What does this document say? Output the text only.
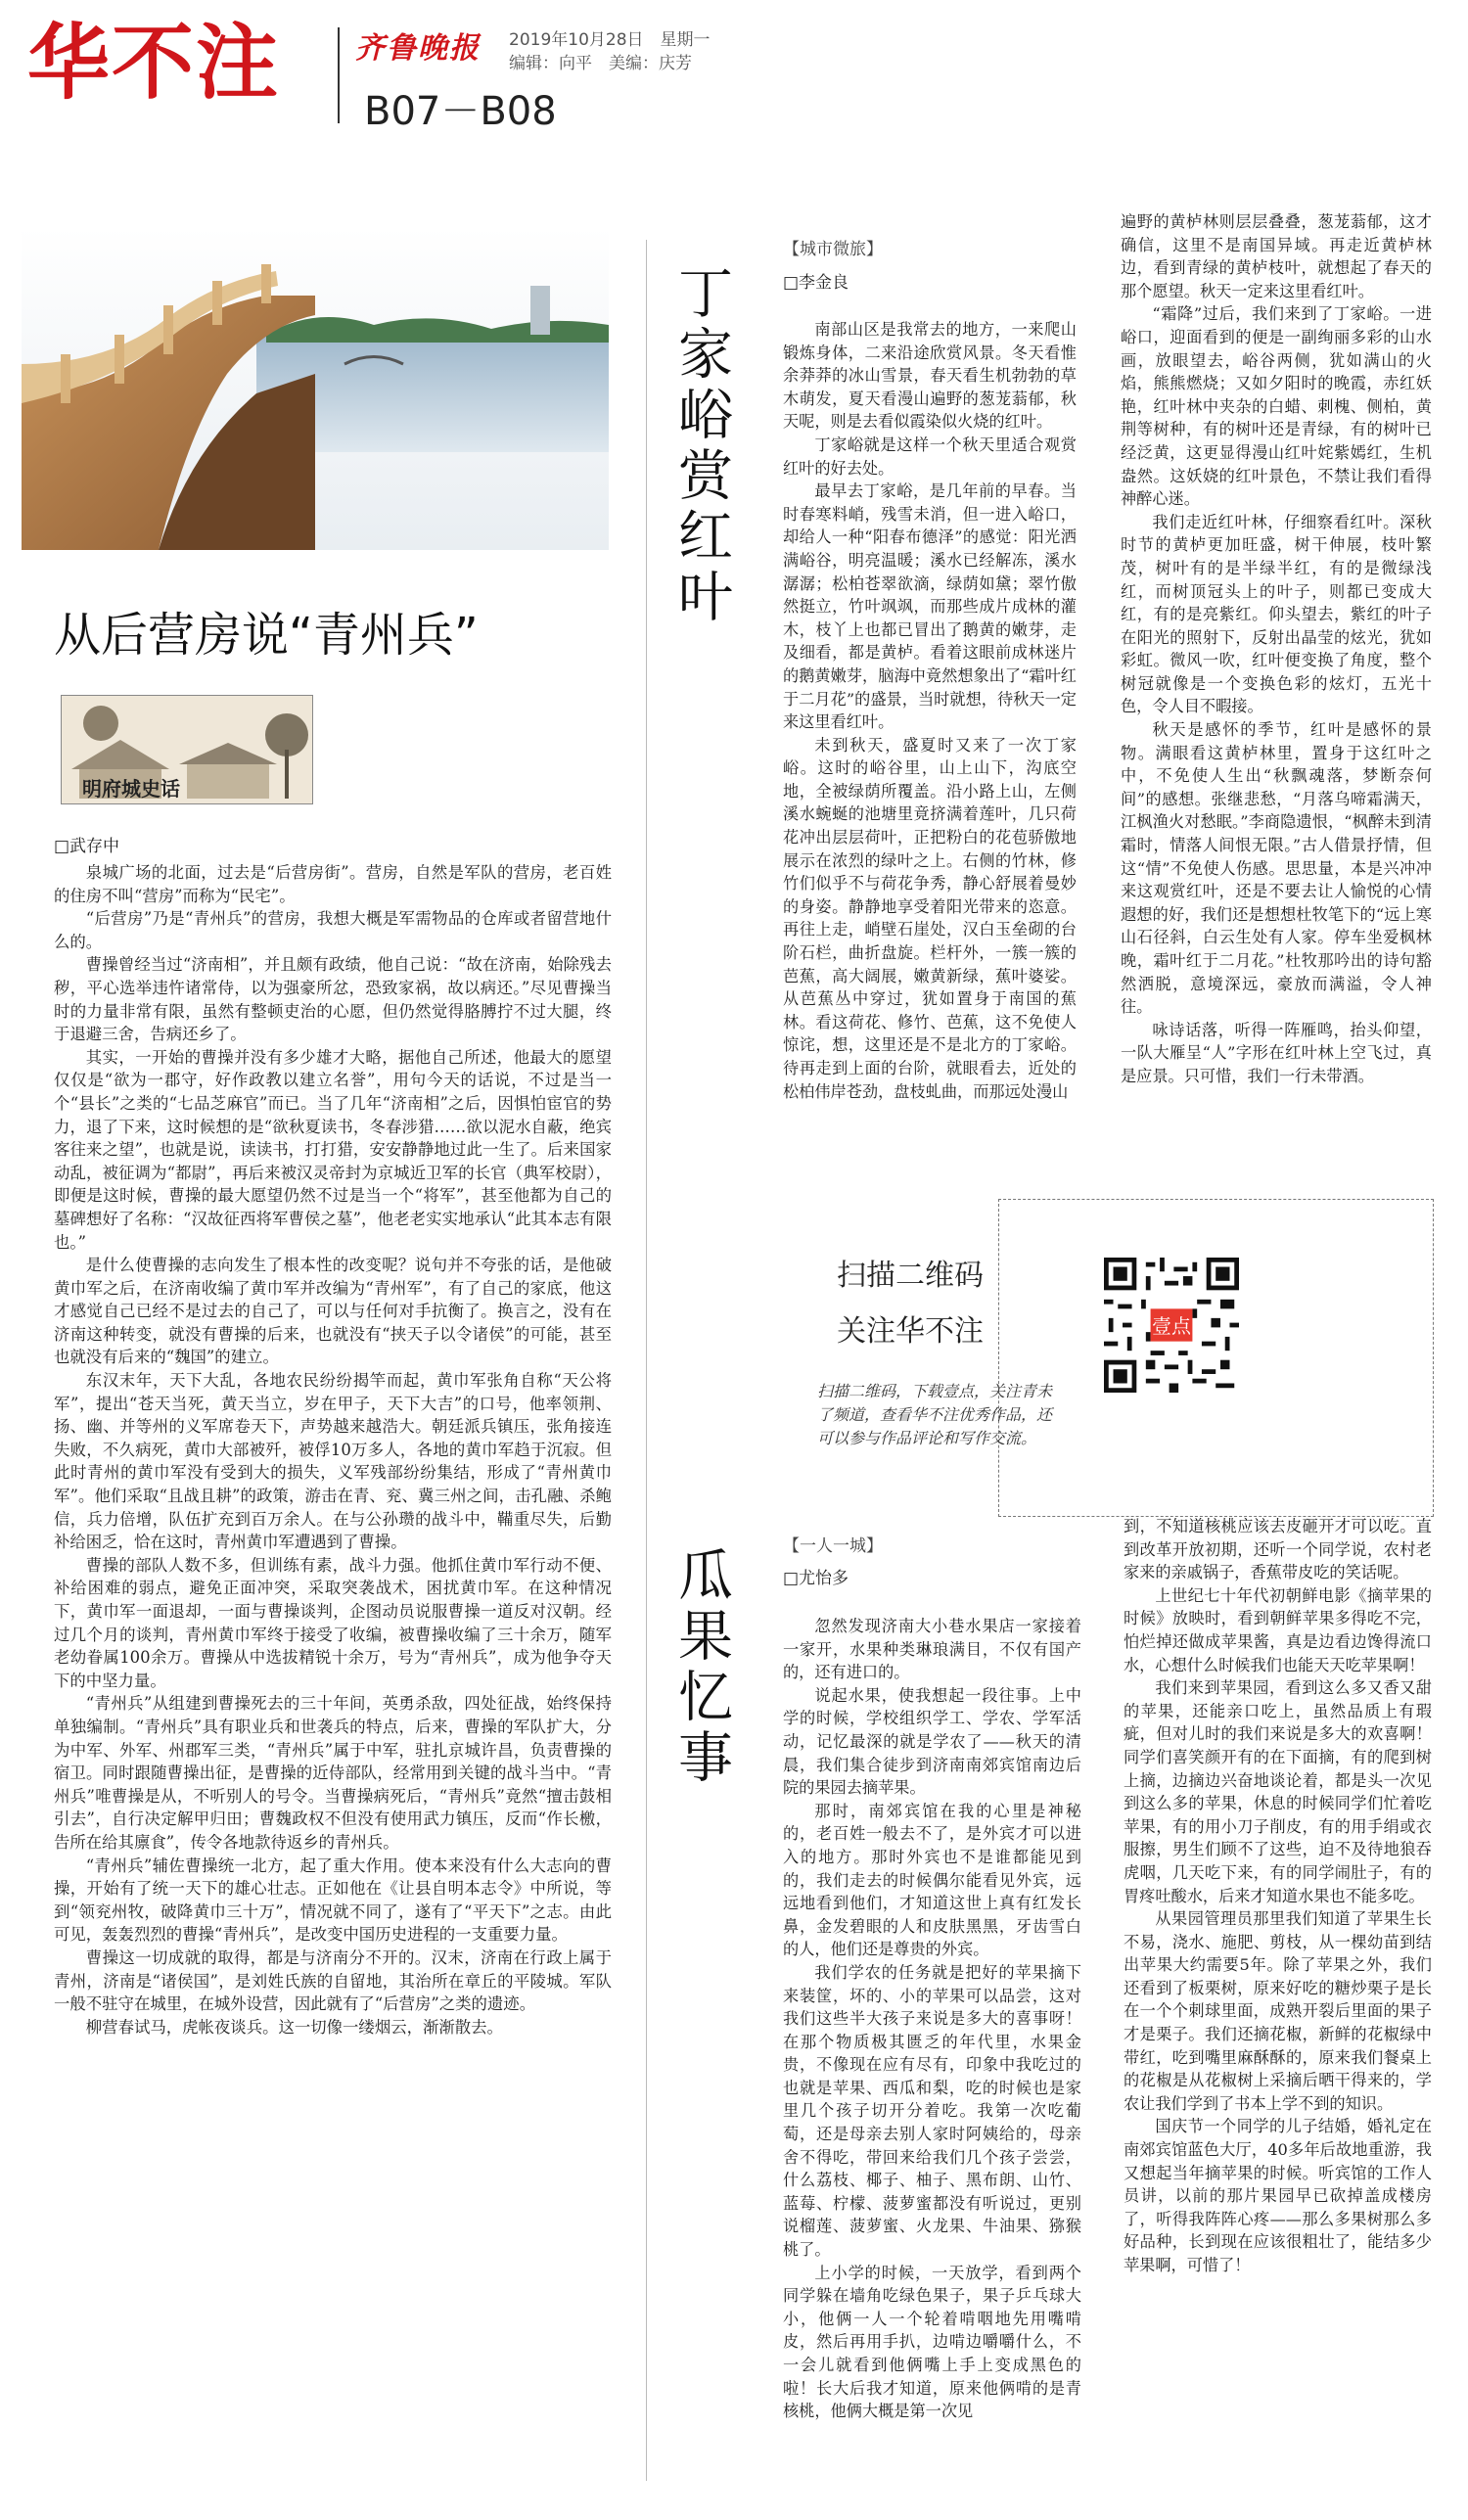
华不注	齐鲁晚报 2019年10月28日　星期一
编辑：向平　美编：庆芳
B07－B08
从后营房说“青州兵”
明府城史话
□武存中

泉城广场的北面，过去是“后营房街”。营房，自然是军队的营房，老百姓的住房不叫“营房”而称为“民宅”。

“后营房”乃是“青州兵”的营房，我想大概是军需物品的仓库或者留营地什么的。

曹操曾经当过“济南相”，并且颇有政绩，他自己说：“故在济南，始除残去秽，平心选举违忤诸常侍，以为强豪所忿，恐致家祸，故以病还。”尽见曹操当时的力量非常有限，虽然有整顿吏治的心愿，但仍然觉得胳膊拧不过大腿，终于退避三舍，告病还乡了。

其实，一开始的曹操并没有多少雄才大略，据他自己所述，他最大的愿望仅仅是“欲为一郡守，好作政教以建立名誉”，用句今天的话说，不过是当一个“县长”之类的“七品芝麻官”而已。当了几年“济南相”之后，因惧怕宦官的势力，退了下来，这时候想的是“欲秋夏读书，冬春涉猎……欲以泥水自蔽，绝宾客往来之望”，也就是说，读读书，打打猎，安安静静地过此一生了。后来国家动乱，被征调为“都尉”，再后来被汉灵帝封为京城近卫军的长官（典军校尉），即便是这时候，曹操的最大愿望仍然不过是当一个“将军”，甚至他都为自己的墓碑想好了名称：“汉故征西将军曹侯之墓”，他老老实实地承认“此其本志有限也。”

是什么使曹操的志向发生了根本性的改变呢？说句并不夸张的话，是他破黄巾军之后，在济南收编了黄巾军并改编为“青州军”，有了自己的家底，他这才感觉自己已经不是过去的自己了，可以与任何对手抗衡了。换言之，没有在济南这种转变，就没有曹操的后来，也就没有“挟天子以令诸侯”的可能，甚至也就没有后来的“魏国”的建立。

东汉末年，天下大乱，各地农民纷纷揭竿而起，黄巾军张角自称“天公将军”，提出“苍天当死，黄天当立，岁在甲子，天下大吉”的口号，他率领荆、扬、幽、并等州的义军席卷天下，声势越来越浩大。朝廷派兵镇压，张角接连失败，不久病死，黄巾大部被歼，被俘10万多人，各地的黄巾军趋于沉寂。但此时青州的黄巾军没有受到大的损失，义军残部纷纷集结，形成了“青州黄巾军”。他们采取“且战且耕”的政策，游击在青、兖、冀三州之间，击孔融、杀鲍信，兵力倍增，队伍扩充到百万余人。在与公孙瓒的战斗中，鞴重尽失，后勤补给困乏，恰在这时，青州黄巾军遭遇到了曹操。

曹操的部队人数不多，但训练有素，战斗力强。他抓住黄巾军行动不便、补给困难的弱点，避免正面冲突，采取突袭战术，困扰黄巾军。在这种情况下，黄巾军一面退却，一面与曹操谈判，企图动员说服曹操一道反对汉朝。经过几个月的谈判，青州黄巾军终于接受了收编，被曹操收编了三十余万，随军老幼眷属100余万。曹操从中选拔精锐十余万，号为“青州兵”，成为他争夺天下的中坚力量。

“青州兵”从组建到曹操死去的三十年间，英勇杀敌，四处征战，始终保持单独编制。“青州兵”具有职业兵和世袭兵的特点，后来，曹操的军队扩大，分为中军、外军、州郡军三类，“青州兵”属于中军，驻扎京城许昌，负责曹操的宿卫。同时跟随曹操出征，是曹操的近侍部队，经常用到关键的战斗当中。“青州兵”唯曹操是从，不听别人的号令。当曹操病死后，“青州兵”竟然“擅击鼓相引去”，自行决定解甲归田；曹魏政权不但没有使用武力镇压，反而“作长檄，告所在给其廪食”，传令各地款待返乡的青州兵。

“青州兵”辅佐曹操统一北方，起了重大作用。使本来没有什么大志向的曹操，开始有了统一天下的雄心壮志。正如他在《让县自明本志令》中所说，等到“领兖州牧，破降黄巾三十万”，情况就不同了，遂有了“平天下”之志。由此可见，轰轰烈烈的曹操“青州兵”，是改变中国历史进程的一支重要力量。

曹操这一切成就的取得，都是与济南分不开的。汉末，济南在行政上属于青州，济南是“诸侯国”，是刘姓氏族的自留地，其治所在章丘的平陵城。军队一般不驻守在城里，在城外设营，因此就有了“后营房”之类的遗迹。

柳营春试马，虎帐夜谈兵。这一切像一缕烟云，渐渐散去。

丁家峪赏红叶
瓜果忆事
【城市微旅】
□李金良

南部山区是我常去的地方，一来爬山锻炼身体，二来沿途欣赏风景。冬天看惟余莽莽的冰山雪景，春天看生机勃勃的草木萌发，夏天看漫山遍野的葱茏蓊郁，秋天呢，则是去看似霞染似火烧的红叶。

丁家峪就是这样一个秋天里适合观赏红叶的好去处。

最早去丁家峪，是几年前的早春。当时春寒料峭，残雪未消，但一进入峪口，却给人一种“阳春布德泽”的感觉：阳光洒满峪谷，明亮温暖；溪水已经解冻，溪水潺潺；松柏苍翠欲滴，绿荫如黛；翠竹傲然挺立，竹叶飒飒，而那些成片成林的灌木，枝丫上也都已冒出了鹅黄的嫩芽，走及细看，都是黄栌。看着这眼前成林迷片的鹅黄嫩芽，脑海中竟然想象出了“霜叶红于二月花”的盛景，当时就想，待秋天一定来这里看红叶。

未到秋天，盛夏时又来了一次丁家峪。这时的峪谷里，山上山下，沟底空地，全被绿荫所覆盖。沿小路上山，左侧溪水蜿蜒的池塘里竟挤满着莲叶，几只荷花冲出层层荷叶，正把粉白的花苞骄傲地展示在浓烈的绿叶之上。右侧的竹林，修竹们似乎不与荷花争秀，静心舒展着曼妙的身姿。静静地享受着阳光带来的恣意。再往上走，峭壁石崖处，汉白玉垒砌的台阶石栏，曲折盘旋。栏杆外，一簇一簇的芭蕉，高大阔展，嫩黄新绿，蕉叶婆娑。从芭蕉丛中穿过，犹如置身于南国的蕉林。看这荷花、修竹、芭蕉，这不免使人惊诧，想，这里还是不是北方的丁家峪。待再走到上面的台阶，就眼看去，近处的松柏伟岸苍劲，盘枝虬曲，而那远处漫山

遍野的黄栌林则层层叠叠，葱茏蓊郁，这才确信，这里不是南国异域。再走近黄栌林边，看到青绿的黄栌枝叶，就想起了春天的那个愿望。秋天一定来这里看红叶。

“霜降”过后，我们来到了丁家峪。一进峪口，迎面看到的便是一副绚丽多彩的山水画，放眼望去，峪谷两侧，犹如满山的火焰，熊熊燃烧；又如夕阳时的晚霞，赤红妖艳，红叶林中夹杂的白蜡、刺槐、侧柏，黄荆等树种，有的树叶还是青绿，有的树叶已经泛黄，这更显得漫山红叶姹紫嫣红，生机盎然。这妖娆的红叶景色，不禁让我们看得神醉心迷。

我们走近红叶林，仔细察看红叶。深秋时节的黄栌更加旺盛，树干伸展，枝叶繁茂，树叶有的是半绿半红，有的是微绿浅红，而树顶冠头上的叶子，则都已变成大红，有的是亮紫红。仰头望去，紫红的叶子在阳光的照射下，反射出晶莹的炫光，犹如彩虹。微风一吹，红叶便变换了角度，整个树冠就像是一个变换色彩的炫灯，五光十色，令人目不暇接。

秋天是感怀的季节，红叶是感怀的景物。满眼看这黄栌林里，置身于这红叶之中，不免使人生出“秋飘魂落，梦断奈何间”的感想。张继悲愁，“月落乌啼霜满天，江枫渔火对愁眠。”李商隐遗恨，“枫醉未到清霜时，情落人间恨无限。”古人借景抒情，但这“情”不免使人伤感。思思量，本是兴冲冲来这观赏红叶，还是不要去让人愉悦的心情遐想的好，我们还是想想杜牧笔下的“远上寒山石径斜，白云生处有人家。停车坐爱枫林晚，霜叶红于二月花。”杜牧那吟出的诗句豁然洒脱，意境深远，豪放而满溢，令人神往。

咏诗话落，听得一阵雁鸣，抬头仰望，一队大雁呈“人”字形在红叶林上空飞过，真是应景。只可惜，我们一行未带酒。

扫描二维码
关注华不注
扫描二维码，下载壹点，关注青未了频道，查看华不注优秀作品，还可以参与作品评论和写作交流。
壹点
【一人一城】
□尤怡多

忽然发现济南大小巷水果店一家接着一家开，水果种类琳琅满目，不仅有国产的，还有进口的。

说起水果，使我想起一段往事。上中学的时候，学校组织学工、学农、学军活动，记忆最深的就是学农了——秋天的清晨，我们集合徒步到济南南郊宾馆南边后院的果园去摘苹果。

那时，南郊宾馆在我的心里是神秘的，老百姓一般去不了，是外宾才可以进入的地方。那时外宾也不是谁都能见到的，我们走去的时候偶尔能看见外宾，远远地看到他们，才知道这世上真有红发长鼻，金发碧眼的人和皮肤黑黑，牙齿雪白的人，他们还是尊贵的外宾。

我们学农的任务就是把好的苹果摘下来装筐，坏的、小的苹果可以品尝，这对我们这些半大孩子来说是多大的喜事呀！在那个物质极其匮乏的年代里，水果金贵，不像现在应有尽有，印象中我吃过的也就是苹果、西瓜和梨，吃的时候也是家里几个孩子切开分着吃。我第一次吃葡萄，还是母亲去别人家时阿姨给的，母亲舍不得吃，带回来给我们几个孩子尝尝，什么荔枝、椰子、柚子、黑布朗、山竹、蓝莓、柠檬、菠萝蜜都没有听说过，更别说榴莲、菠萝蜜、火龙果、牛油果、猕猴桃了。

上小学的时候，一天放学，看到两个同学躲在墙角吃绿色果子，果子乒乓球大小，他俩一人一个轮着啃咽地先用嘴啃皮，然后再用手扒，边啃边嚼嚼什么，不一会儿就看到他俩嘴上手上变成黑色的啦！长大后我才知道，原来他俩啃的是青核桃，他俩大概是第一次见

到，不知道核桃应该去皮砸开才可以吃。直到改革开放初期，还听一个同学说，农村老家来的亲戚锅子，香蕉带皮吃的笑话呢。

上世纪七十年代初朝鲜电影《摘苹果的时候》放映时，看到朝鲜苹果多得吃不完，怕烂掉还做成苹果酱，真是边看边馋得流口水，心想什么时候我们也能天天吃苹果啊！

我们来到苹果园，看到这么多又香又甜的苹果，还能亲口吃上，虽然品质上有瑕疵，但对儿时的我们来说是多大的欢喜啊！同学们喜笑颜开有的在下面摘，有的爬到树上摘，边摘边兴奋地谈论着，都是头一次见到这么多的苹果，休息的时候同学们忙着吃苹果，有的用小刀子削皮，有的用手绢或衣服擦，男生们顾不了这些，迫不及待地狼吞虎咽，几天吃下来，有的同学闹肚子，有的胃疼吐酸水，后来才知道水果也不能多吃。

从果园管理员那里我们知道了苹果生长不易，浇水、施肥、剪枝，从一棵幼苗到结出苹果大约需要5年。除了苹果之外，我们还看到了板栗树，原来好吃的糖炒栗子是长在一个个刺球里面，成熟开裂后里面的果子才是栗子。我们还摘花椒，新鲜的花椒绿中带红，吃到嘴里麻酥酥的，原来我们餐桌上的花椒是从花椒树上采摘后晒干得来的，学农让我们学到了书本上学不到的知识。

国庆节一个同学的儿子结婚，婚礼定在南郊宾馆蓝色大厅，40多年后故地重游，我又想起当年摘苹果的时候。听宾馆的工作人员讲，以前的那片果园早已砍掉盖成楼房了，听得我阵阵心疼——那么多果树那么多好品种，长到现在应该很粗壮了，能结多少苹果啊，可惜了！
